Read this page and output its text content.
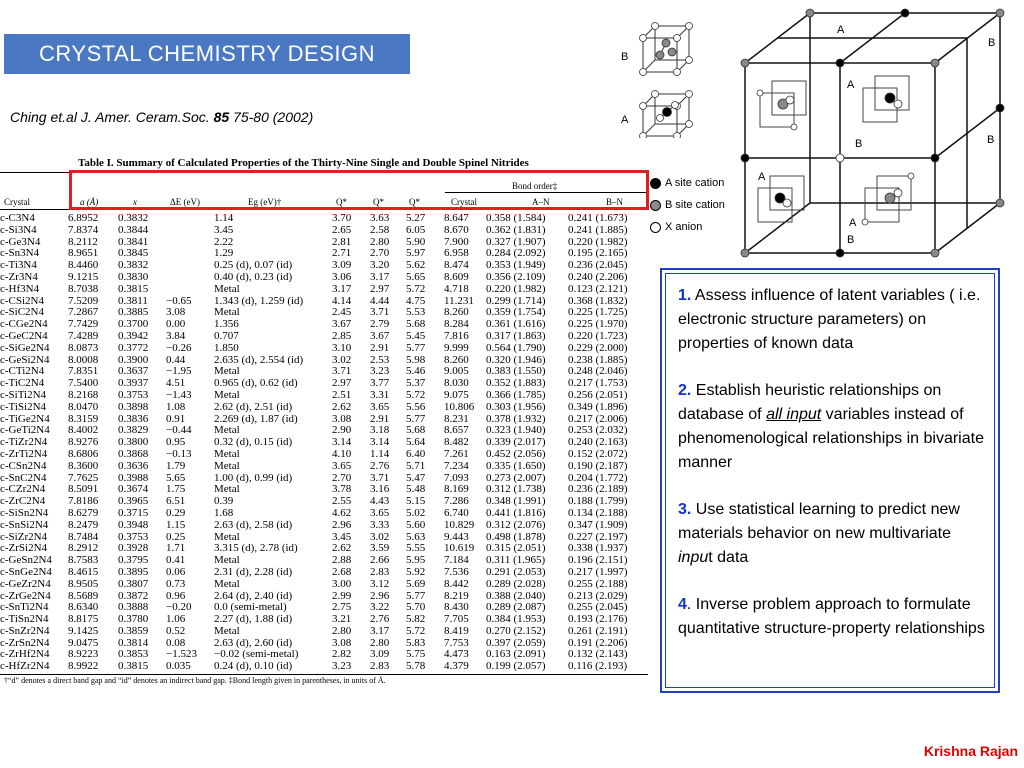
CRYSTAL CHEMISTRY DESIGN
Ching et.al J. Amer. Ceram.Soc. 85 75-80 (2002)
Table I. Summary of Calculated Properties of the Thirty-Nine Single and Double Spinel Nitrides
Bond order‡
Crystal	a (Å)	x	ΔE (eV)	Eg (eV)†	Q*	Q*	Q*	Crystal	A–N	B–N
c-C3N4	6.8952	0.3832		1.14	3.70	3.63	5.27	8.647	0.358 (1.584)	0.241 (1.673)
c-Si3N4	7.8374	0.3844		3.45	2.65	2.58	6.05	8.670	0.362 (1.831)	0.241 (1.885)
c-Ge3N4	8.2112	0.3841		2.22	2.81	2.80	5.90	7.900	0.327 (1.907)	0.220 (1.982)
c-Sn3N4	8.9651	0.3845		1.29	2.71	2.70	5.97	6.958	0.284 (2.092)	0.195 (2.165)
c-Ti3N4	8.4460	0.3832		0.25 (d), 0.07 (id)	3.09	3.20	5.62	8.474	0.353 (1.949)	0.236 (2.045)
c-Zr3N4	9.1215	0.3830		0.40 (d), 0.23 (id)	3.06	3.17	5.65	8.609	0.356 (2.109)	0.240 (2.206)
c-Hf3N4	8.7038	0.3815		Metal	3.17	2.97	5.72	4.718	0.220 (1.982)	0.123 (2.121)
c-CSi2N4	7.5209	0.3811	−0.65	1.343 (d), 1.259 (id)	4.14	4.44	4.75	11.231	0.299 (1.714)	0.368 (1.832)
c-SiC2N4	7.2867	0.3885	3.08	Metal	2.45	3.71	5.53	8.260	0.359 (1.754)	0.225 (1.725)
c-CGe2N4	7.7429	0.3700	0.00	1.356	3.67	2.79	5.68	8.284	0.361 (1.616)	0.225 (1.970)
c-GeC2N4	7.4289	0.3942	3.84	0.707	2.85	3.67	5.45	7.816	0.317 (1.863)	0.220 (1.723)
c-SiGe2N4	8.0873	0.3772	−0.26	1.850	3.10	2.91	5.77	9.999	0.564 (1.790)	0.229 (2.000)
c-GeSi2N4	8.0008	0.3900	0.44	2.635 (d), 2.554 (id)	3.02	2.53	5.98	8.260	0.320 (1.946)	0.238 (1.885)
c-CTi2N4	7.8351	0.3637	−1.95	Metal	3.71	3.23	5.46	9.005	0.383 (1.550)	0.248 (2.046)
c-TiC2N4	7.5400	0.3937	4.51	0.965 (d), 0.62 (id)	2.97	3.77	5.37	8.030	0.352 (1.883)	0.217 (1.753)
c-SiTi2N4	8.2168	0.3753	−1.43	Metal	2.51	3.31	5.72	9.075	0.366 (1.785)	0.256 (2.051)
c-TiSi2N4	8.0470	0.3898	1.08	2.62 (d), 2.51 (id)	2.62	3.65	5.56	10.806	0.303 (1.956)	0.349 (1.896)
c-TiGe2N4	8.3159	0.3836	0.91	2.269 (d), 1.87 (id)	3.08	2.91	5.77	8.231	0.378 (1.932)	0.217 (2.006)
c-GeTi2N4	8.4002	0.3829	−0.44	Metal	2.90	3.18	5.68	8.657	0.323 (1.940)	0.253 (2.032)
c-TiZr2N4	8.9276	0.3800	0.95	0.32 (d), 0.15 (id)	3.14	3.14	5.64	8.482	0.339 (2.017)	0.240 (2.163)
c-ZrTi2N4	8.6806	0.3868	−0.13	Metal	4.10	1.14	6.40	7.261	0.452 (2.056)	0.152 (2.072)
c-CSn2N4	8.3600	0.3636	1.79	Metal	3.65	2.76	5.71	7.234	0.335 (1.650)	0.190 (2.187)
c-SnC2N4	7.7625	0.3988	5.65	1.00 (d), 0.99 (id)	2.70	3.71	5.47	7.093	0.273 (2.007)	0.204 (1.772)
c-CZr2N4	8.5091	0.3674	1.75	Metal	3.78	3.16	5.48	8.169	0.312 (1.738)	0.236 (2.189)
c-ZrC2N4	7.8186	0.3965	6.51	0.39	2.55	4.43	5.15	7.286	0.348 (1.991)	0.188 (1.799)
c-SiSn2N4	8.6279	0.3715	0.29	1.68	4.62	3.65	5.02	6.740	0.441 (1.816)	0.134 (2.188)
c-SnSi2N4	8.2479	0.3948	1.15	2.63 (d), 2.58 (id)	2.96	3.33	5.60	10.829	0.312 (2.076)	0.347 (1.909)
c-SiZr2N4	8.7484	0.3753	0.25	Metal	3.45	3.02	5.63	9.443	0.498 (1.878)	0.227 (2.197)
c-ZrSi2N4	8.2912	0.3928	1.71	3.315 (d), 2.78 (id)	2.62	3.59	5.55	10.619	0.315 (2.051)	0.338 (1.937)
c-GeSn2N4	8.7583	0.3795	0.41	Metal	2.88	2.66	5.95	7.184	0.311 (1.965)	0.196 (2.151)
c-SnGe2N4	8.4615	0.3895	0.06	2.31 (d), 2.28 (id)	2.68	2.83	5.92	7.536	0.291 (2.053)	0.217 (1.997)
c-GeZr2N4	8.9505	0.3807	0.73	Metal	3.00	3.12	5.69	8.442	0.289 (2.028)	0.255 (2.188)
c-ZrGe2N4	8.5689	0.3872	0.96	2.64 (d), 2.40 (id)	2.99	2.96	5.77	8.219	0.388 (2.040)	0.213 (2.029)
c-SnTi2N4	8.6340	0.3888	−0.20	0.0 (semi-metal)	2.75	3.22	5.70	8.430	0.289 (2.087)	0.255 (2.045)
c-TiSn2N4	8.8175	0.3780	1.06	2.27 (d), 1.88 (id)	3.21	2.76	5.82	7.705	0.384 (1.953)	0.193 (2.176)
c-SnZr2N4	9.1425	0.3859	0.52	Metal	2.80	3.17	5.72	8.419	0.270 (2.152)	0.261 (2.191)
c-ZrSn2N4	9.0475	0.3814	0.08	2.63 (d), 2.60 (id)	3.08	2.80	5.83	7.753	0.397 (2.059)	0.191 (2.206)
c-ZrHf2N4	8.9223	0.3853	−1.523	−0.02 (semi-metal)	2.82	3.09	5.75	4.473	0.163 (2.091)	0.132 (2.143)
c-HfZr2N4	8.9922	0.3815	0.035	0.24 (d), 0.10 (id)	3.23	2.83	5.78	4.379	0.199 (2.057)	0.116 (2.193)
†“d” denotes a direct band gap and “id” denotes an indirect band gap. ‡Bond length given in parentheses, in units of Å.
A site cation
B site cation
X anion
B
A
A
B
A
B
A
B
A
B

1. Assess influence of latent variables ( i.e. electronic structure parameters) on properties of known data

2. Establish heuristic relationships on database of all input variables instead of phenomenological relationships in bivariate manner

3. Use statistical learning to predict new materials behavior on new multivariate input data

4. Inverse problem approach to formulate quantitative structure-property relationships

Krishna Rajan
